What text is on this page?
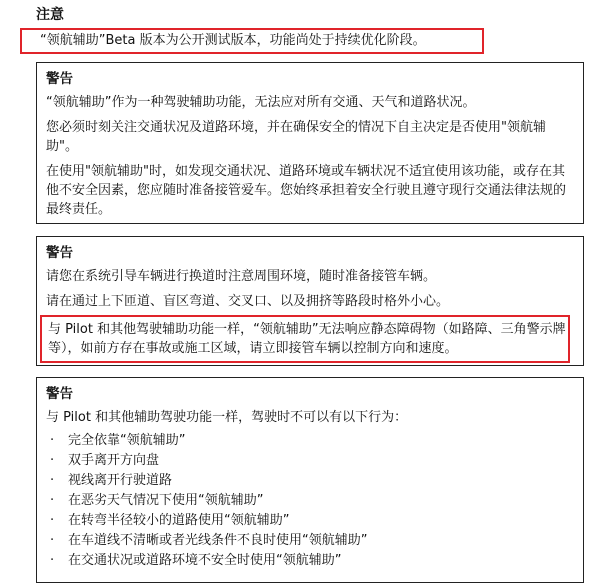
注意
“领航辅助”Beta 版本为公开测试版本，功能尚处于持续优化阶段。
警告
“领航辅助”作为一种驾驶辅助功能，无法应对所有交通、天气和道路状况。
您必须时刻关注交通状况及道路环境，并在确保安全的情况下自主决定是否使用"领航辅助"。
在使用"领航辅助"时，如发现交通状况、道路环境或车辆状况不适宜使用该功能，或存在其他不安全因素，您应随时准备接管爱车。您始终承担着安全行驶且遵守现行交通法律法规的最终责任。
警告
请您在系统引导车辆进行换道时注意周围环境，随时准备接管车辆。
请在通过上下匝道、盲区弯道、交叉口、以及拥挤等路段时格外小心。
与 Pilot 和其他驾驶辅助功能一样，“领航辅助”无法响应静态障碍物（如路障、三角警示牌等），如前方存在事故或施工区域，请立即接管车辆以控制方向和速度。
警告
与 Pilot 和其他辅助驾驶功能一样，驾驶时不可以有以下行为：
·	完全依靠“领航辅助”
·	双手离开方向盘
·	视线离开行驶道路
·	在恶劣天气情况下使用“领航辅助”
·	在转弯半径较小的道路使用“领航辅助”
·	在车道线不清晰或者光线条件不良时使用“领航辅助”
·	在交通状况或道路环境不安全时使用“领航辅助”
